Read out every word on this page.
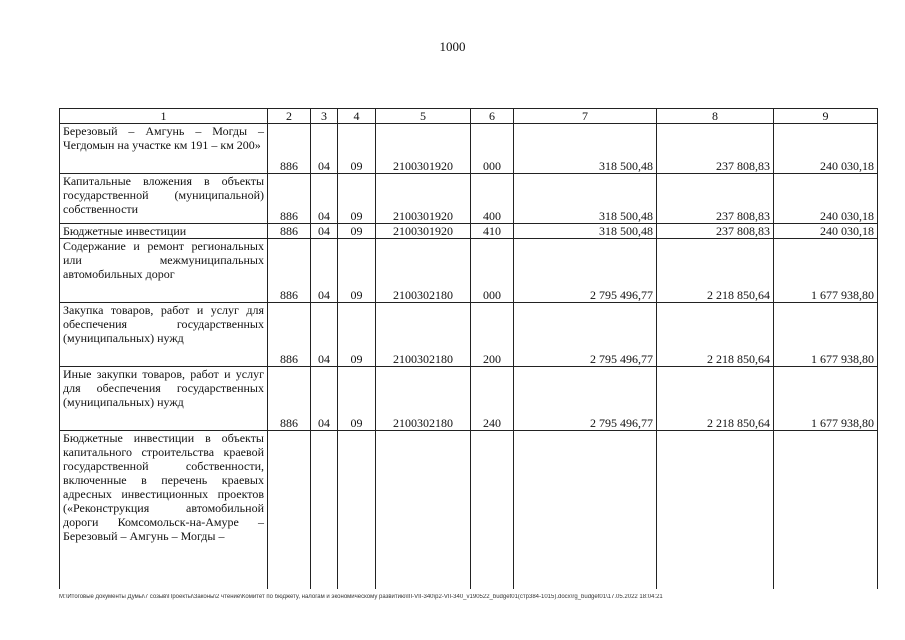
1000
1	2	3	4	5	6	7	8	9
Березовый – Амгунь – Могды – Чегдомын на участке км 191 – км 200»	886	04	09	2100301920	000	318 500,48	237 808,83	240 030,18
Капитальные вложения в объекты государственной (муниципальной) собственности	886	04	09	2100301920	400	318 500,48	237 808,83	240 030,18
Бюджетные инвестиции	886	04	09	2100301920	410	318 500,48	237 808,83	240 030,18
Содержание и ремонт региональных или межмуниципальных автомобильных дорог	886	04	09	2100302180	000	2 795 496,77	2 218 850,64	1 677 938,80
Закупка товаров, работ и услуг для обеспечения государственных (муниципальных) нужд	886	04	09	2100302180	200	2 795 496,77	2 218 850,64	1 677 938,80
Иные закупки товаров, работ и услуг для обеспечения государственных (муниципальных) нужд	886	04	09	2100302180	240	2 795 496,77	2 218 850,64	1 677 938,80
Бюджетные инвестиции в объекты капитального строительства краевой государственной собственности, включенные в перечень краевых адресных инвестиционных проектов («Реконструкция автомобильной дороги Комсомольск-на-Амуре – Березовый – Амгунь – Могды –								
M:\Итоговые документы Думы\7 созыв\Проекты\Законы\2 чтение\Комитет по бюджету, налогам и экономическому развитию\III-VII-340\р2-VII-340_v190522_budget01(стр384-1015).docx\rg_budget01\17.05.2022 18:04:21
